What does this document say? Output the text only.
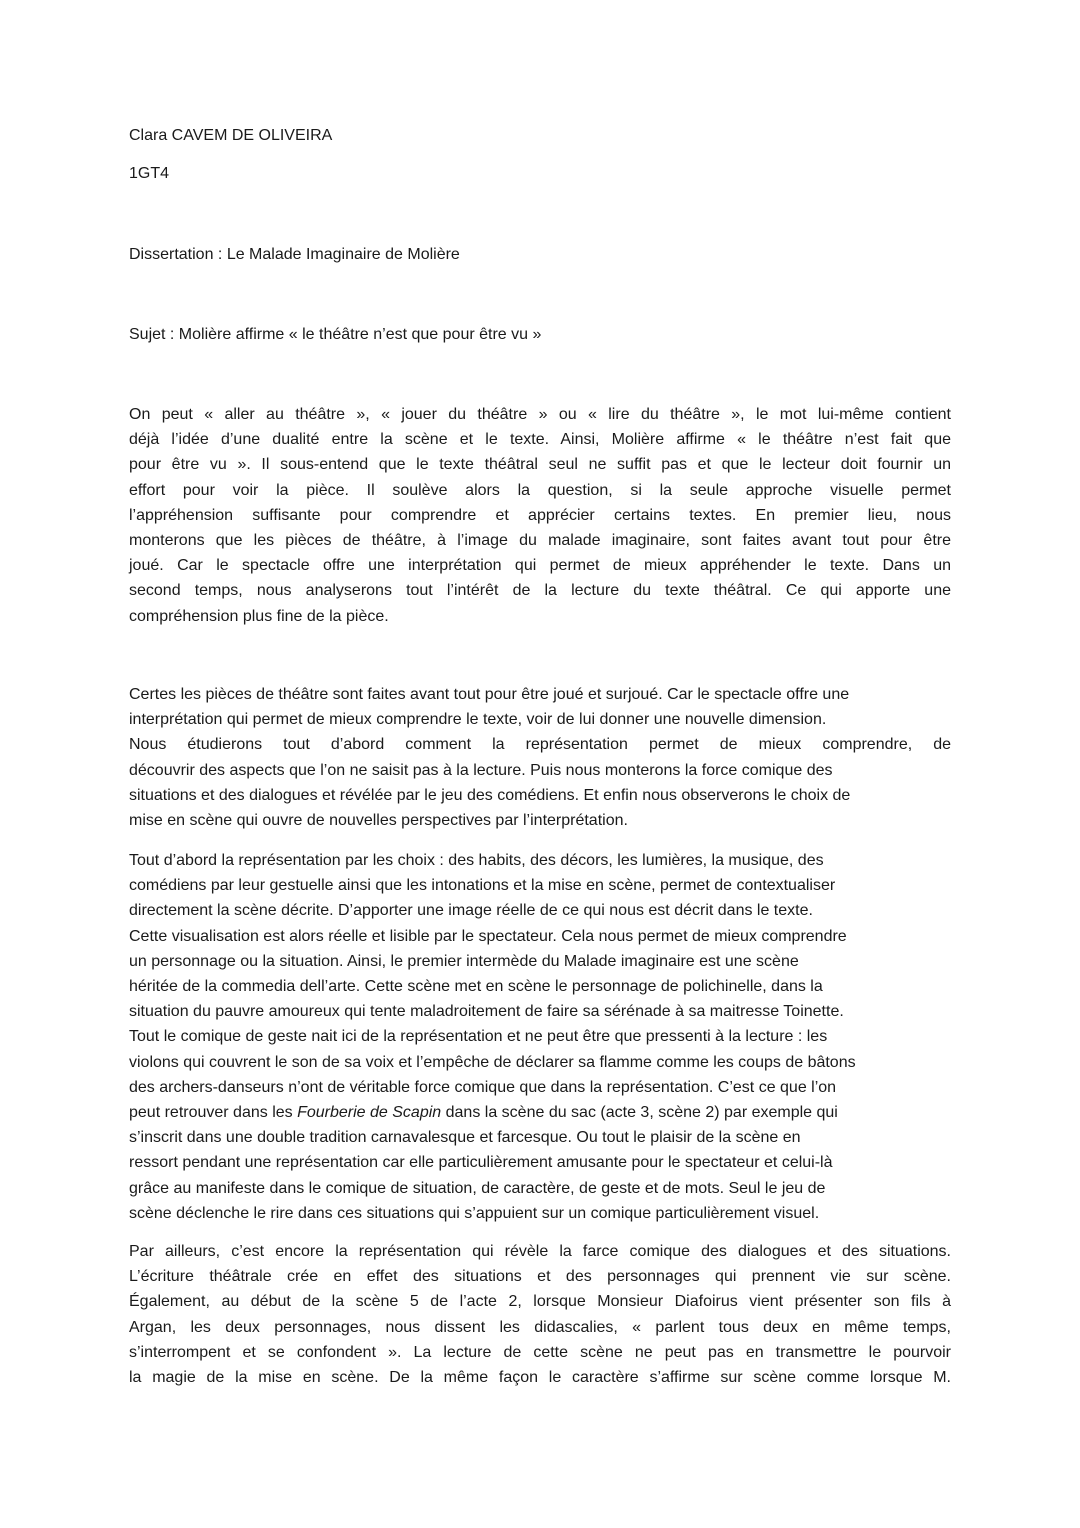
Clara CAVEM DE OLIVEIRA

1GT4

Dissertation : Le Malade Imaginaire de Molière

Sujet : Molière affirme « le théâtre n’est que pour être vu »

On peut « aller au théâtre », « jouer du théâtre » ou « lire du théâtre », le mot lui-même contient
déjà l’idée d’une dualité entre la scène et le texte. Ainsi, Molière affirme « le théâtre n’est fait que
pour être vu ». Il sous-entend que le texte théâtral seul ne suffit pas et que le lecteur doit fournir un
effort pour voir la pièce. Il soulève alors la question, si la seule approche visuelle permet
l’appréhension suffisante pour comprendre et apprécier certains textes. En premier lieu, nous
monterons que les pièces de théâtre, à l’image du malade imaginaire, sont faites avant tout pour être
joué. Car le spectacle offre une interprétation qui permet de mieux appréhender le texte. Dans un
second temps, nous analyserons tout l’intérêt de la lecture du texte théâtral. Ce qui apporte une
compréhension plus fine de la pièce.
Certes les pièces de théâtre sont faites avant tout pour être joué et surjoué. Car le spectacle offre une
interprétation qui permet de mieux comprendre le texte, voir de lui donner une nouvelle dimension.
Nous étudierons tout d’abord comment la représentation permet de mieux comprendre, de
découvrir des aspects que l’on ne saisit pas à la lecture. Puis nous monterons la force comique des
situations et des dialogues et révélée par le jeu des comédiens. Et enfin nous observerons le choix de
mise en scène qui ouvre de nouvelles perspectives par l’interprétation.
Tout d’abord la représentation par les choix : des habits, des décors, les lumières, la musique, des
comédiens par leur gestuelle ainsi que les intonations et la mise en scène, permet de contextualiser
directement la scène décrite. D’apporter une image réelle de ce qui nous est décrit dans le texte.
Cette visualisation est alors réelle et lisible par le spectateur. Cela nous permet de mieux comprendre
un personnage ou la situation. Ainsi, le premier intermède du Malade imaginaire est une scène
héritée de la commedia dell’arte. Cette scène met en scène le personnage de polichinelle, dans la
situation du pauvre amoureux qui tente maladroitement de faire sa sérénade à sa maitresse Toinette.
Tout le comique de geste nait ici de la représentation et ne peut être que pressenti à la lecture : les
violons qui couvrent le son de sa voix et l’empêche de déclarer sa flamme comme les coups de bâtons
des archers-danseurs n’ont de véritable force comique que dans la représentation. C’est ce que l’on
peut retrouver dans les Fourberie de Scapin dans la scène du sac (acte 3, scène 2) par exemple qui
s’inscrit dans une double tradition carnavalesque et farcesque. Ou tout le plaisir de la scène en
ressort pendant une représentation car elle particulièrement amusante pour le spectateur et celui-là
grâce au manifeste dans le comique de situation, de caractère, de geste et de mots. Seul le jeu de
scène déclenche le rire dans ces situations qui s’appuient sur un comique particulièrement visuel.
Par ailleurs, c’est encore la représentation qui révèle la farce comique des dialogues et des situations.
L’écriture théâtrale crée en effet des situations et des personnages qui prennent vie sur scène.
Également, au début de la scène 5 de l’acte 2, lorsque Monsieur Diafoirus vient présenter son fils à
Argan, les deux personnages, nous dissent les didascalies, « parlent tous deux en même temps,
s’interrompent et se confondent ». La lecture de cette scène ne peut pas en transmettre le pourvoir
la magie de la mise en scène. De la même façon le caractère s’affirme sur scène comme lorsque M.
